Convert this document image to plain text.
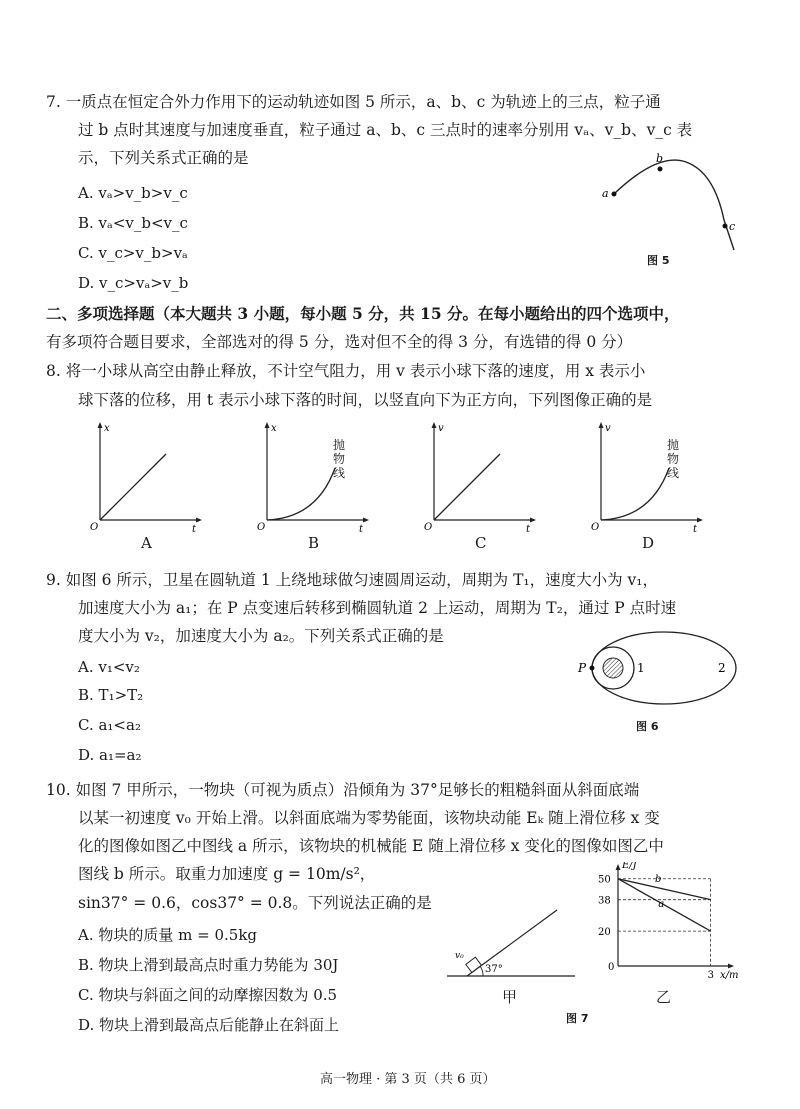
7. 一质点在恒定合外力作用下的运动轨迹如图 5 所示，a、b、c 为轨迹上的三点，粒子通
过 b 点时其速度与加速度垂直，粒子通过 a、b、c 三点时的速率分别用 vₐ、v_b、v_c 表
示，下列关系式正确的是
A. vₐ>v_b>v_c
B. vₐ<v_b<v_c
C. v_c>v_b>vₐ
D. v_c>vₐ>v_b
a
b
c
图 5
二、多项选择题（本大题共 3 小题，每小题 5 分，共 15 分。在每小题给出的四个选项中，
有多项符合题目要求，全部选对的得 5 分，选对但不全的得 3 分，有选错的得 0 分）
8. 将一小球从高空由静止释放，不计空气阻力，用 v 表示小球下落的速度，用 x 表示小
球下落的位移，用 t 表示小球下落的时间，以竖直向下为正方向，下列图像正确的是
x
t
O
A
x
t
O
抛物线
B
v
t
O
C
v
t
O
抛物线
D
9. 如图 6 所示，卫星在圆轨道 1 上绕地球做匀速圆周运动，周期为 T₁，速度大小为 v₁，
加速度大小为 a₁；在 P 点变速后转移到椭圆轨道 2 上运动，周期为 T₂，通过 P 点时速
度大小为 v₂，加速度大小为 a₂。下列关系式正确的是
A. v₁<v₂
B. T₁>T₂
C. a₁<a₂
D. a₁=a₂
P	1	2
图 6
10. 如图 7 甲所示，一物块（可视为质点）沿倾角为 37°足够长的粗糙斜面从斜面底端
以某一初速度 v₀ 开始上滑。以斜面底端为零势能面，该物块动能 Eₖ 随上滑位移 x 变
化的图像如图乙中图线 a 所示，该物块的机械能 E 随上滑位移 x 变化的图像如图乙中
图线 b 所示。取重力加速度 g = 10m/s²，
sin37° = 0.6，cos37° = 0.8。下列说法正确的是
A. 物块的质量 m = 0.5kg
B. 物块上滑到最高点时重力势能为 30J
C. 物块与斜面之间的动摩擦因数为 0.5
D. 物块上滑到最高点后能静止在斜面上
37°
v₀
甲
E/J
x/m
0
20
38
50
3
a
b
乙
图 7
高一物理 · 第 3 页（共 6 页）
